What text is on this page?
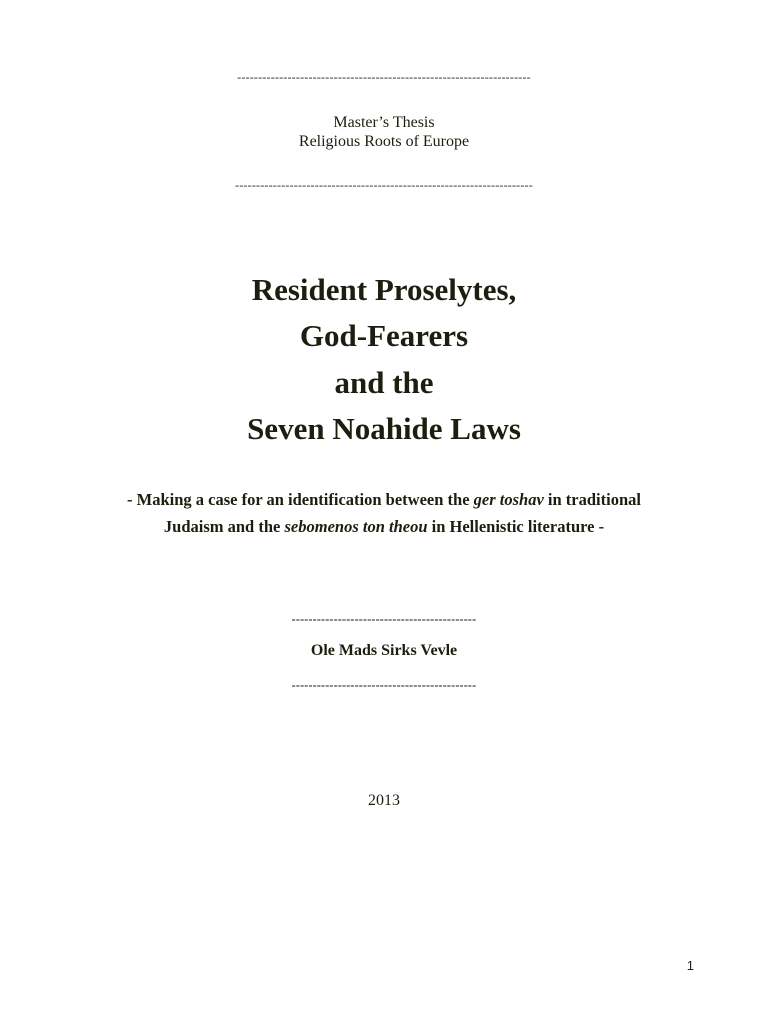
----------------------------------------------------------------------
Master’s Thesis
Religious Roots of Europe
-----------------------------------------------------------------------
Resident Proselytes,
God-Fearers
and the
Seven Noahide Laws
- Making a case for an identification between the ger toshav in traditional
Judaism and the sebomenos ton theou in Hellenistic literature -
--------------------------------------------
Ole Mads Sirks Vevle
--------------------------------------------
2013
1
